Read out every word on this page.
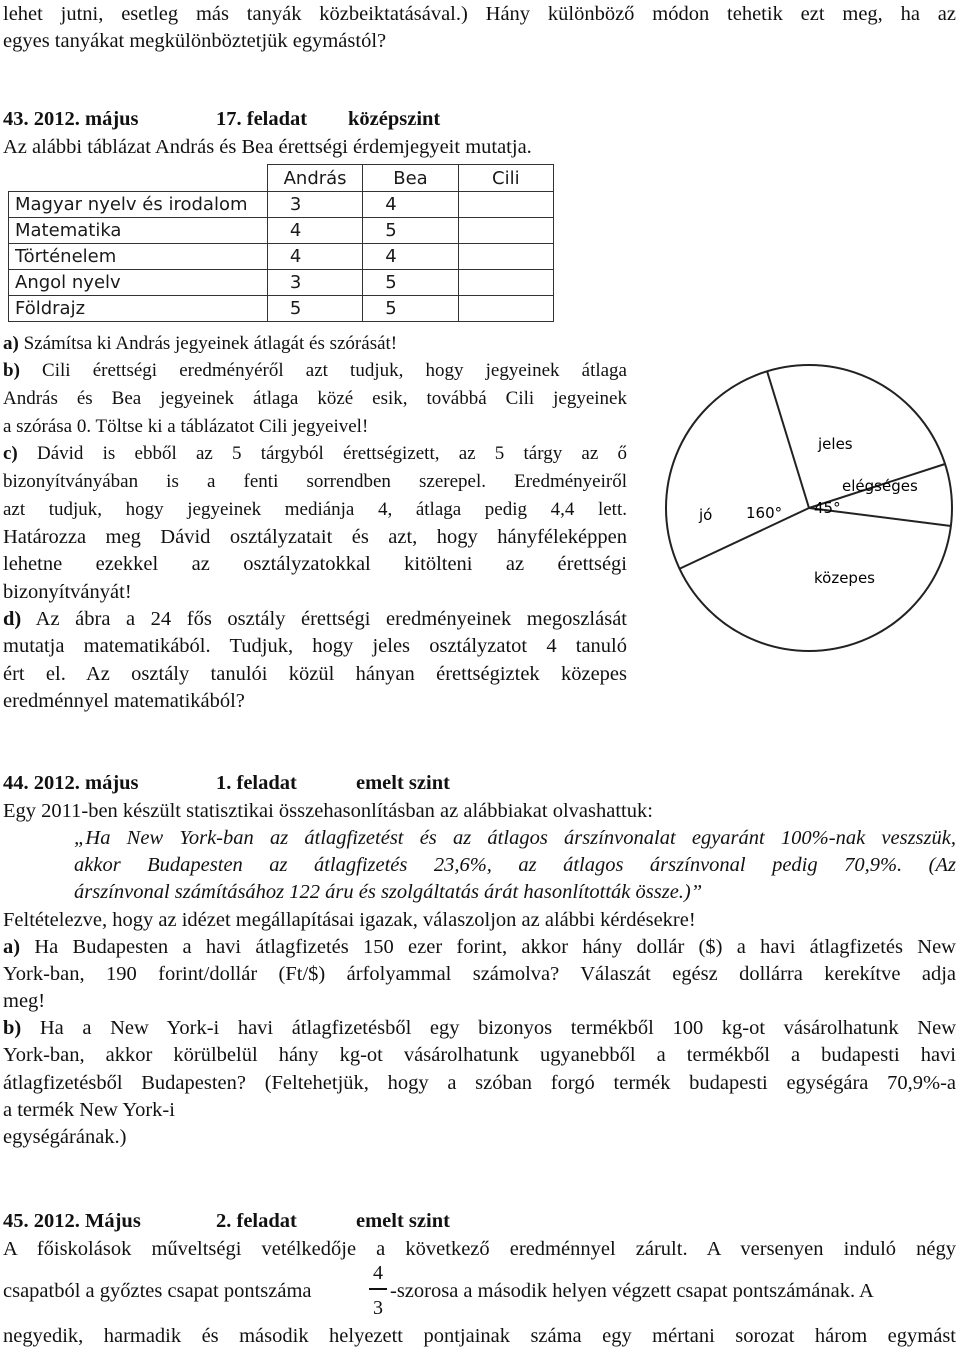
lehet jutni, esetleg más tanyák közbeiktatásával.) Hány különböző módon tehetik ezt meg, ha az
egyes tanyákat megkülönböztetjük egymástól?
43. 2012. május	17. feladat középszint
Az alábbi táblázat András és Bea érettségi érdemjegyeit mutatja.
	András	Bea	Cili
Magyar nyelv és irodalom	3	4	
Matematika	4	5	
Történelem	4	4	
Angol nyelv	3	5	
Földrajz	5	5	
a) Számítsa ki András jegyeinek átlagát és szórását!
b) Cili érettségi eredményéről azt tudjuk, hogy jegyeinek átlaga
András és Bea jegyeinek átlaga közé esik, továbbá Cili jegyeinek
a szórása 0. Töltse ki a táblázatot Cili jegyeivel!
c) Dávid is ebből az 5 tárgyból érettségizett, az 5 tárgy az ő
bizonyítványában is a fenti sorrendben szerepel. Eredményeiről
azt tudjuk, hogy jegyeinek mediánja 4, átlaga pedig 4,4 lett.
Határozza meg Dávid osztályzatait és azt, hogy hányféleképpen
lehetne ezekkel az osztályzatokkal kitölteni az érettségi
bizonyítványát!
d) Az ábra a 24 fős osztály érettségi eredményeinek megoszlását
mutatja matematikából. Tudjuk, hogy jeles osztályzatot 4 tanuló
ért el. Az osztály tanulói közül hányan érettségiztek közepes
eredménnyel matematikából?
jeles
elégséges
45°
jó 160°
közepes
44. 2012. május	1. feladat	emelt szint
Egy 2011-ben készült statisztikai összehasonlításban az alábbiakat olvashattuk:
„Ha New York-ban az átlagfizetést és az átlagos árszínvonalat egyaránt 100%-nak veszszük,
akkor Budapesten az átlagfizetés 23,6%, az átlagos árszínvonal pedig 70,9%. (Az
árszínvonal számításához 122 áru és szolgáltatás árát hasonlították össze.)”
Feltételezve, hogy az idézet megállapításai igazak, válaszoljon az alábbi kérdésekre!
a) Ha Budapesten a havi átlagfizetés 150 ezer forint, akkor hány dollár ($) a havi átlagfizetés New
York-ban, 190 forint/dollár (Ft/$) árfolyammal számolva? Válaszát egész dollárra kerekítve adja
meg!
b) Ha a New York-i havi átlagfizetésből egy bizonyos termékből 100 kg-ot vásárolhatunk New
York-ban, akkor körülbelül hány kg-ot vásárolhatunk ugyanebből a termékből a budapesti havi
átlagfizetésből Budapesten? (Feltehetjük, hogy a szóban forgó termék budapesti egységára 70,9%-a
a termék New York-i
egységárának.)
45. 2012. Május	2. feladat	emelt szint
A főiskolások műveltségi vetélkedője a következő eredménnyel zárult. A versenyen induló négy
csapatból a győztes csapat pontszáma
4
3
-szorosa a második helyen végzett csapat pontszámának. A
negyedik, harmadik és második helyezett pontjainak száma egy mértani sorozat három egymást
